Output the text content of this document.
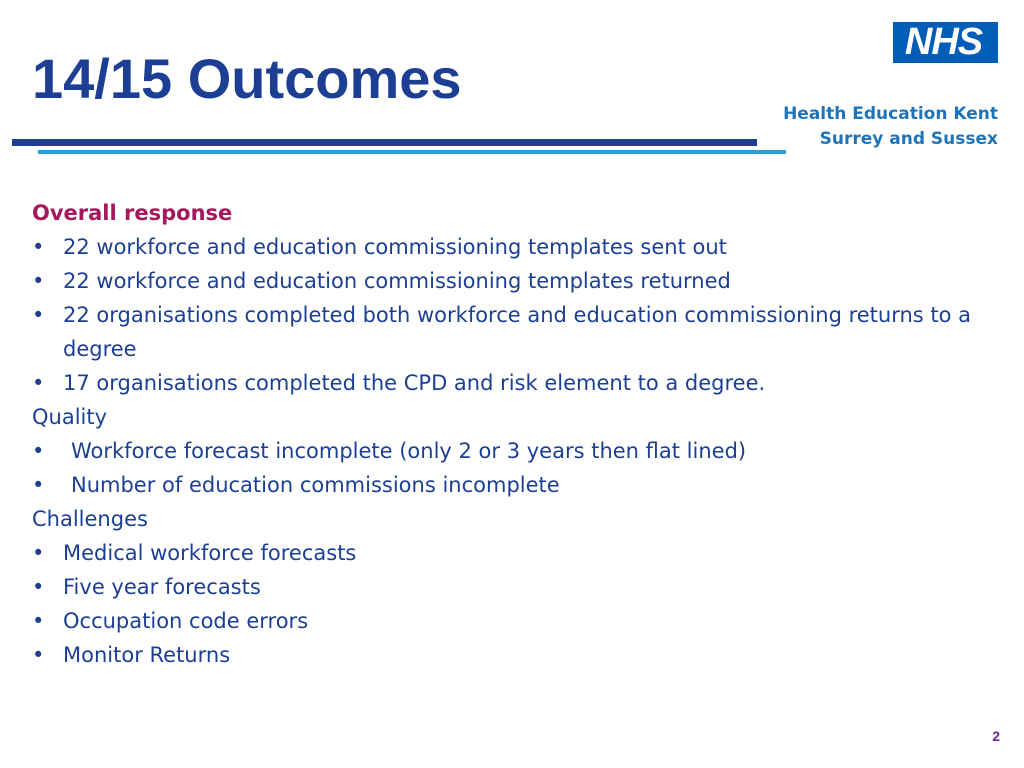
14/15 Outcomes
NHS
Health Education Kent
Surrey and Sussex
Overall response
• 22 workforce and education commissioning templates sent out
• 22 workforce and education commissioning templates returned
• 22 organisations completed both workforce and education commissioning returns to a degree
• 17 organisations completed the CPD and risk element to a degree.
Quality
• Workforce forecast incomplete (only 2 or 3 years then flat lined)
• Number of education commissions incomplete
Challenges
• Medical workforce forecasts
• Five year forecasts
• Occupation code errors
• Monitor Returns
2
